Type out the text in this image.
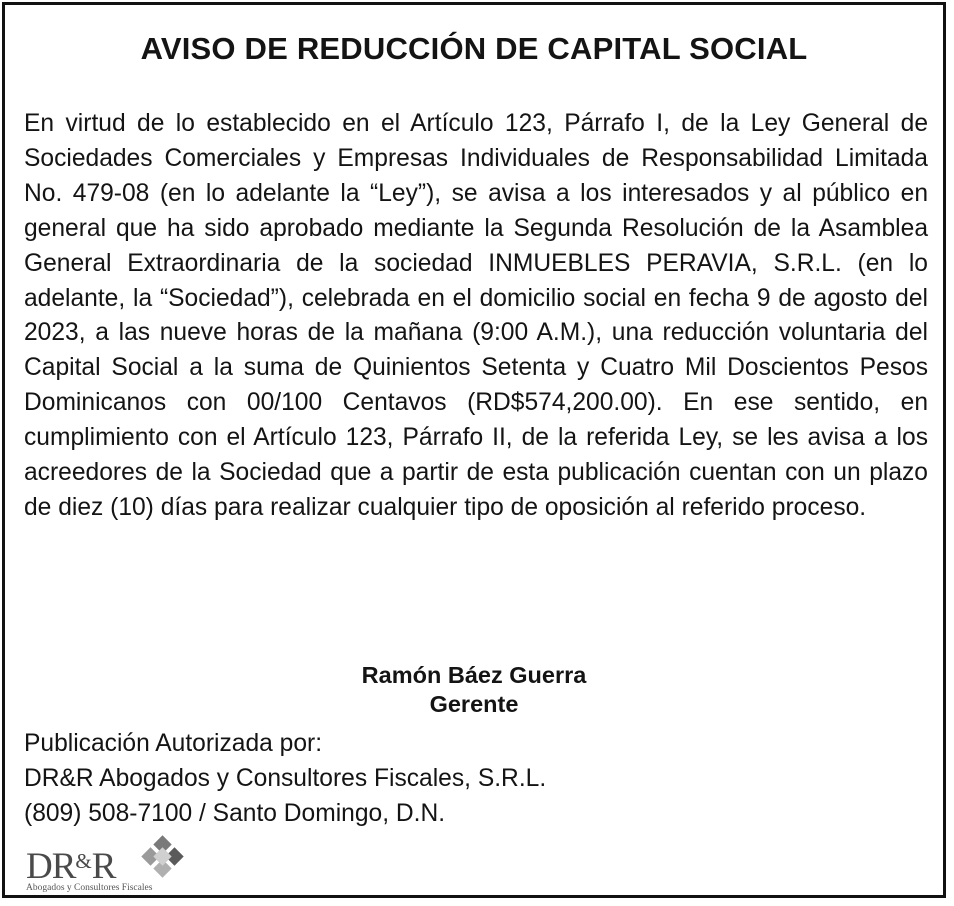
AVISO DE REDUCCIÓN DE CAPITAL SOCIAL

En virtud de lo establecido en el Artículo 123, Párrafo I, de la Ley General de Sociedades Comerciales y Empresas Individuales de Responsabilidad Limitada No. 479-08 (en lo adelante la “Ley”), se avisa a los interesados y al público en general que ha sido aprobado mediante la Segunda Resolución de la Asamblea General Extraordinaria de la sociedad INMUEBLES PERAVIA, S.R.L. (en lo adelante, la “Sociedad”), celebrada en el domicilio social en fecha 9 de agosto del 2023, a las nueve horas de la mañana (9:00 A.M.), una reducción voluntaria del Capital Social a la suma de Quinientos Setenta y Cuatro Mil Doscientos Pesos Dominicanos con 00/100 Centavos (RD$574,200.00). En ese sentido, en cumplimiento con el Artículo 123, Párrafo II, de la referida Ley, se les avisa a los acreedores de la Sociedad que a partir de esta publicación cuentan con un plazo de diez (10) días para realizar cualquier tipo de oposición al referido proceso.

Ramón Báez Guerra
Gerente
Publicación Autorizada por:
DR&R Abogados y Consultores Fiscales, S.R.L.
(809) 508-7100 / Santo Domingo, D.N.
DR&R
Abogados y Consultores Fiscales
